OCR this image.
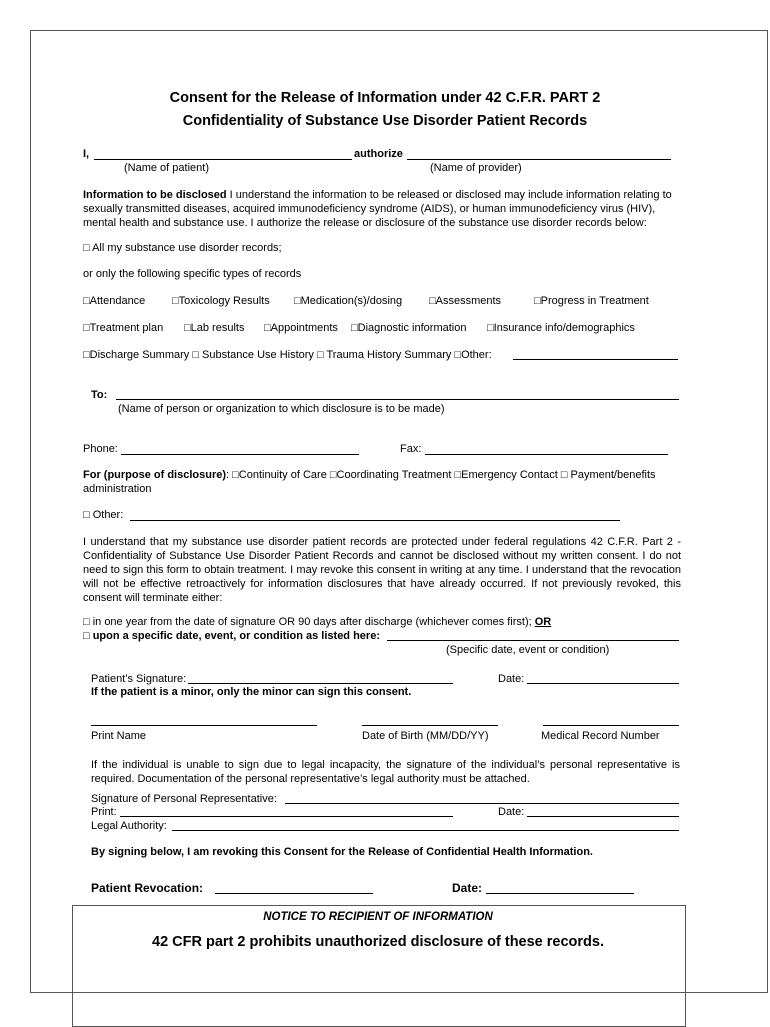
Consent for the Release of Information under 42 C.F.R. PART 2
Confidentiality of Substance Use Disorder Patient Records
I,	authorize
(Name of patient)	(Name of provider)
Information to be disclosed I understand the information to be released or disclosed may include information relating to sexually transmitted diseases, acquired immunodeficiency syndrome (AIDS), or human immunodeficiency virus (HIV), mental health and substance use. I authorize the release or disclosure of the substance use disorder records below:
□ All my substance use disorder records;
or only the following specific types of records
□Attendance □Toxicology Results □Medication(s)/dosing □Assessments	□Progress in Treatment
□Treatment plan □Lab results □Appointments □Diagnostic information □Insurance info/demographics
□Discharge Summary □ Substance Use History □ Trauma History Summary □Other:
To:
(Name of person or organization to which disclosure is to be made)
Phone:	Fax:
For (purpose of disclosure): □Continuity of Care □Coordinating Treatment □Emergency Contact □ Payment/benefits
administration
□ Other:
I understand that my substance use disorder patient records are protected under federal regulations 42 C.F.R. Part 2 - Confidentiality of Substance Use Disorder Patient Records and cannot be disclosed without my written consent. I do not need to sign this form to obtain treatment. I may revoke this consent in writing at any time. I understand that the revocation will not be effective retroactively for information disclosures that have already occurred. If not previously revoked, this consent will terminate either:
□ in one year from the date of signature OR 90 days after discharge (whichever comes first); OR
□ upon a specific date, event, or condition as listed here:
(Specific date, event or condition)
Patient’s Signature:	Date:
If the patient is a minor, only the minor can sign this consent.
Print Name	Date of Birth (MM/DD/YY)	Medical Record Number
If the individual is unable to sign due to legal incapacity, the signature of the individual’s personal representative is required. Documentation of the personal representative’s legal authority must be attached.
Signature of Personal Representative:
Print:	Date:
Legal Authority:
By signing below, I am revoking this Consent for the Release of Confidential Health Information.
Patient Revocation:	Date:
NOTICE TO RECIPIENT OF INFORMATION
42 CFR part 2 prohibits unauthorized disclosure of these records.
